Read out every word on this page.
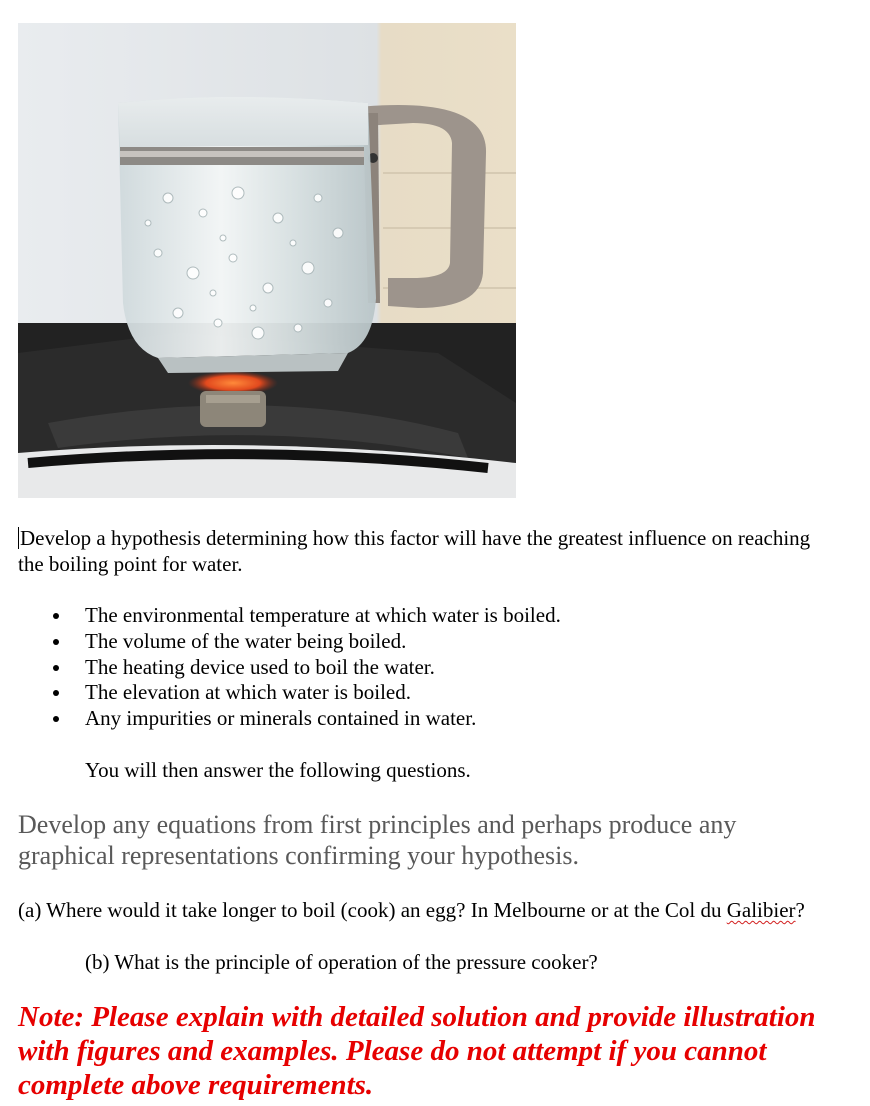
Develop a hypothesis determining how this factor will have the greatest influence on reaching the boiling point for water.

The environmental temperature at which water is boiled.
The volume of the water being boiled.
The heating device used to boil the water.
The elevation at which water is boiled.
Any impurities or minerals contained in water.

You will then answer the following questions.

Develop any equations from first principles and perhaps produce any graphical representations confirming your hypothesis.

(a) Where would it take longer to boil (cook) an egg? In Melbourne or at the Col du Galibier?

(b) What is the principle of operation of the pressure cooker?

Note: Please explain with detailed solution and provide illustration with figures and examples. Please do not attempt if you cannot complete above requirements.
